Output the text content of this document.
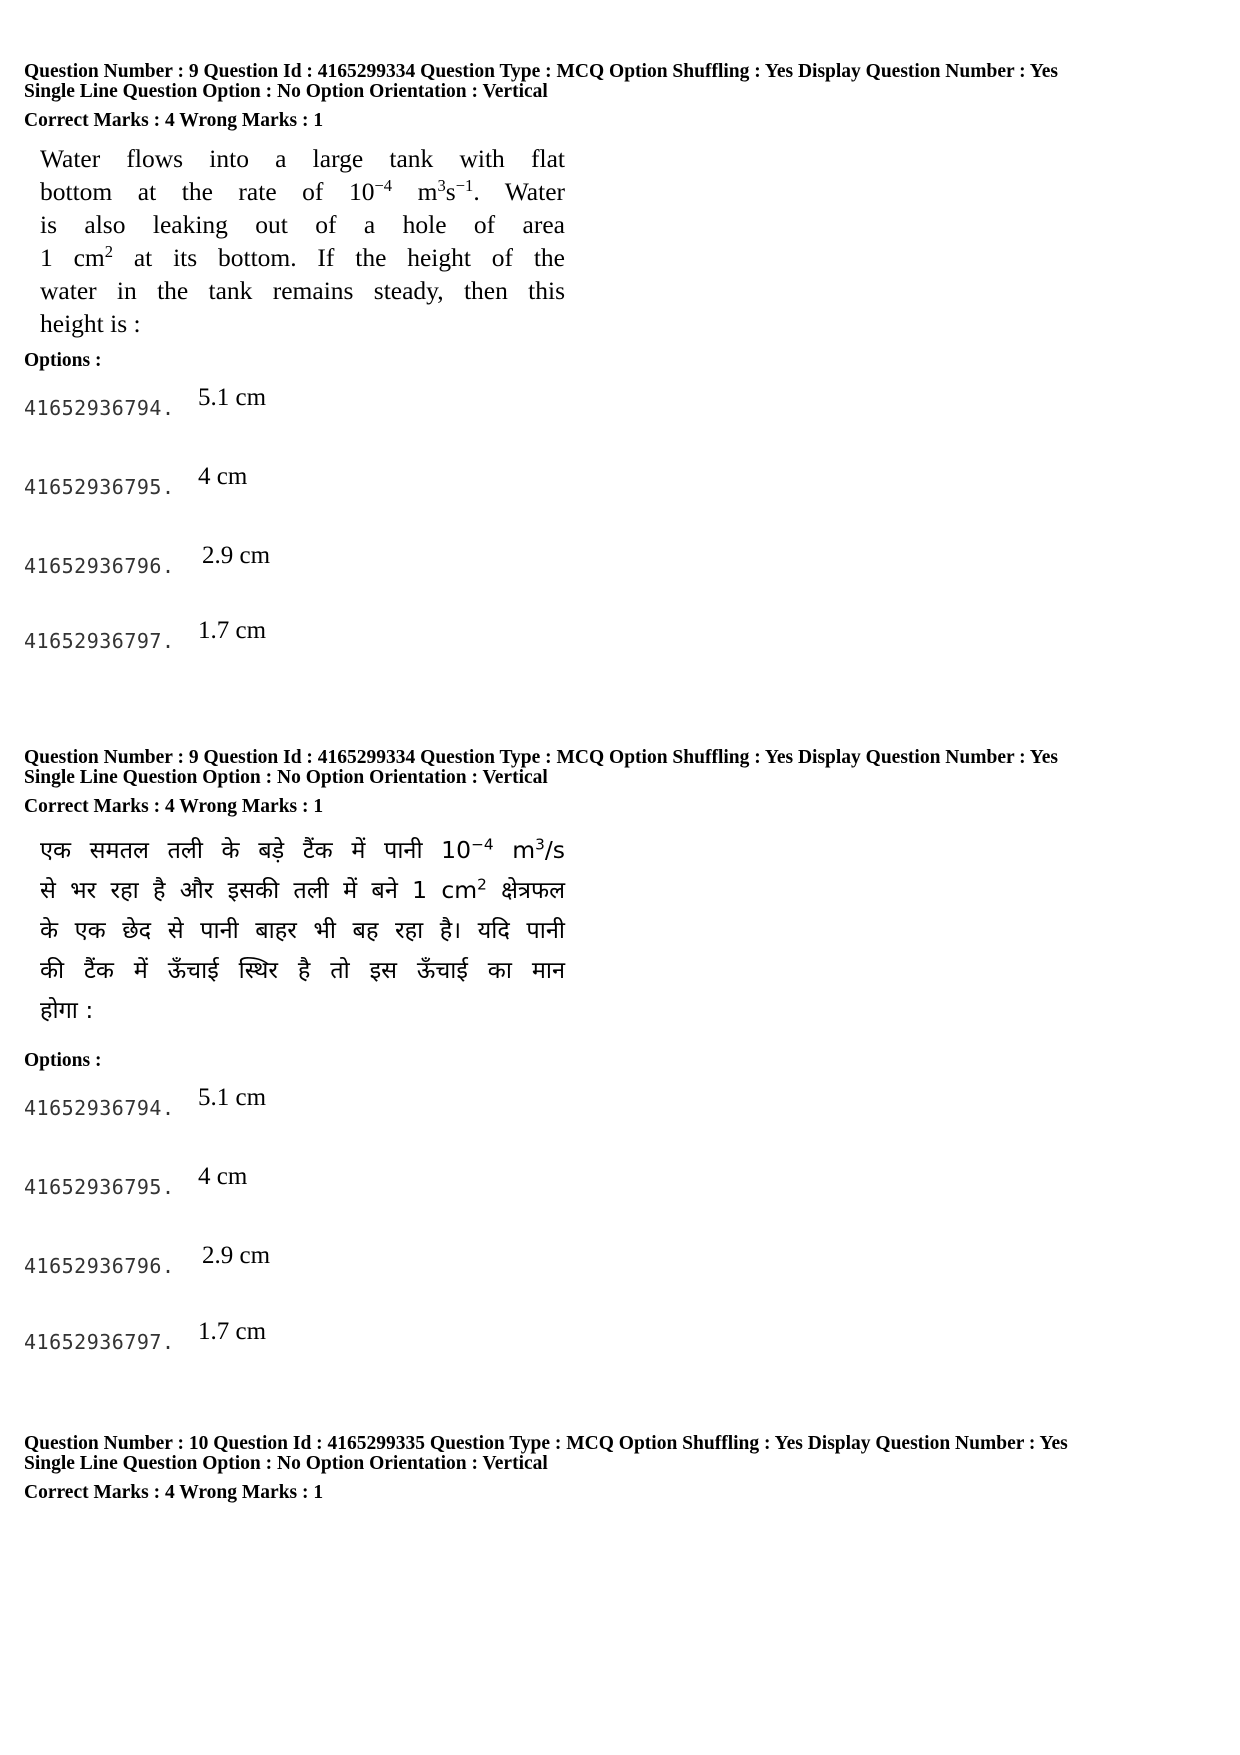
Question Number : 9 Question Id : 4165299334 Question Type : MCQ Option Shuffling : Yes Display Question Number : Yes
Single Line Question Option : No Option Orientation : Vertical
Correct Marks : 4 Wrong Marks : 1
Water flows into a large tank with flat
bottom at the rate of $10^{-4}$ $m^3s^{-1}$. Water
is also leaking out of a hole of area
1 $cm^2$ at its bottom. If the height of the
water in the tank remains steady, then this
height is :
Options :
41652936794. 5.1 cm
41652936795. 4 cm
41652936796. 2.9 cm
41652936797. 1.7 cm
Question Number : 9 Question Id : 4165299334 Question Type : MCQ Option Shuffling : Yes Display Question Number : Yes
Single Line Question Option : No Option Orientation : Vertical
Correct Marks : 4 Wrong Marks : 1
एक समतल तली के बड़े टैंक में पानी $10^{-4}$ $m^3/s$
से भर रहा है और इसकी तली में बने 1 $cm^2$ क्षेत्रफल
के एक छेद से पानी बाहर भी बह रहा है। यदि पानी
की टैंक में ऊँचाई स्थिर है तो इस ऊँचाई का मान
होगा :
Options :
41652936794. 5.1 cm
41652936795. 4 cm
41652936796. 2.9 cm
41652936797. 1.7 cm
Question Number : 10 Question Id : 4165299335 Question Type : MCQ Option Shuffling : Yes Display Question Number : Yes
Single Line Question Option : No Option Orientation : Vertical
Correct Marks : 4 Wrong Marks : 1
